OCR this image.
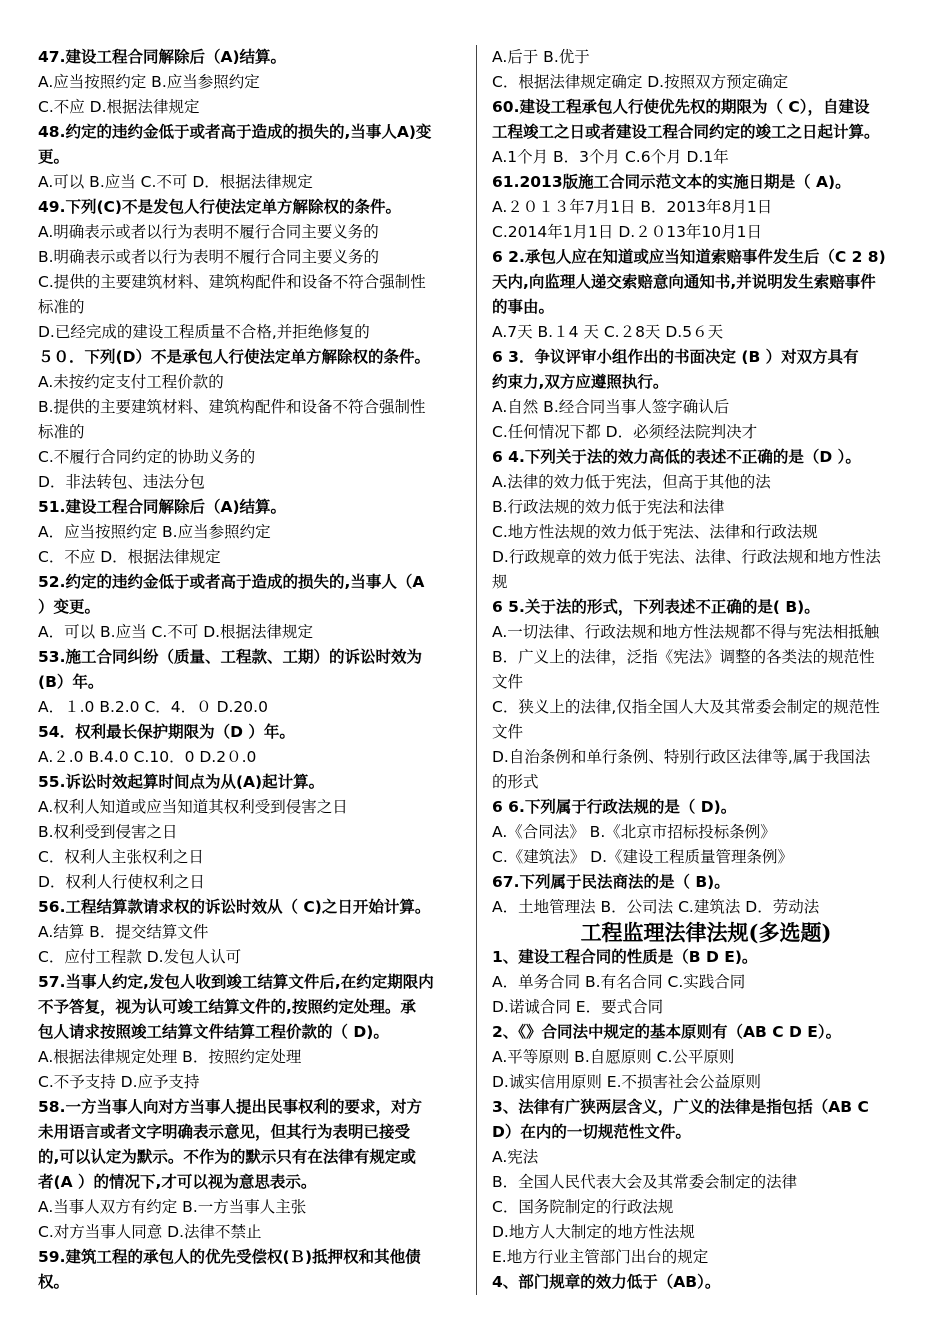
47.建设工程合同解除后（A)结算。
A.应当按照约定 B.应当参照约定
C.不应 D.根据法律规定
48.约定的违约金低于或者高于造成的损失的,当事人A)变
更。
A.可以 B.应当 C.不可 D．根据法律规定
49.下列(C)不是发包人行使法定单方解除权的条件。
A.明确表示或者以行为表明不履行合同主要义务的
B.明确表示或者以行为表明不履行合同主要义务的
C.提供的主要建筑材料、建筑构配件和设备不符合强制性
标准的
D.已经完成的建设工程质量不合格,并拒绝修复的
５０．下列(D）不是承包人行使法定单方解除权的条件。
A.未按约定支付工程价款的
B.提供的主要建筑材料、建筑构配件和设备不符合强制性
标准的
C.不履行合同约定的协助义务的
D．非法转包、违法分包
51.建设工程合同解除后（A)结算。
A．应当按照约定 B.应当参照约定
C．不应 D．根据法律规定
52.约定的违约金低于或者高于造成的损失的,当事人（A
）变更。
A．可以 B.应当 C.不可 D.根据法律规定
53.施工合同纠纷（质量、工程款、工期）的诉讼时效为
(B）年。
A．１.0 B.2.0 C．4．０ D.20.0
54．权利最长保护期限为（D ）年。
A.２.0 B.4.0 C.10．0 D.2０.0
55.诉讼时效起算时间点为从(A)起计算。
A.权利人知道或应当知道其权利受到侵害之日
B.权利受到侵害之日
C．权利人主张权利之日
D．权利人行使权利之日
56.工程结算款请求权的诉讼时效从（ C)之日开始计算。
A.结算 B．提交结算文件
C．应付工程款 D.发包人认可
57.当事人约定,发包人收到竣工结算文件后,在约定期限内
不予答复，视为认可竣工结算文件的,按照约定处理。承
包人请求按照竣工结算文件结算工程价款的（ D)。
A.根据法律规定处理 B．按照约定处理
C.不予支持 D.应予支持
58.一方当事人向对方当事人提出民事权利的要求，对方
未用语言或者文字明确表示意见，但其行为表明已接受
的,可以认定为默示。不作为的默示只有在法律有规定或
者(A ）的情况下,才可以视为意思表示。
A.当事人双方有约定 B.一方当事人主张
C.对方当事人同意 D.法律不禁止
59.建筑工程的承包人的优先受偿权(Ｂ)抵押权和其他债
权。
A.后于 B.优于
C．根据法律规定确定 D.按照双方预定确定
60.建设工程承包人行使优先权的期限为（ C），自建设
工程竣工之日或者建设工程合同约定的竣工之日起计算。
A.1个月 B．3个月 C.6个月 D.1年
61.2013版施工合同示范文本的实施日期是（ A)。
A.２０１３年7月1日 B．2013年8月1日
C.2014年1月1日 D.２０13年10月1日
6 2.承包人应在知道或应当知道索赔事件发生后（C 2 8)
天内,向监理人递交索赔意向通知书,并说明发生索赔事件
的事由。
A.7天 B.１4 天 C.２8天 D.5６天
6 3．争议评审小组作出的书面决定 (B ）对双方具有
约束力,双方应遵照执行。
A.自然 B.经合同当事人签字确认后
C.任何情况下都 D．必须经法院判决才
6 4.下列关于法的效力高低的表述不正确的是（D ）。
A.法律的效力低于宪法，但高于其他的法
B.行政法规的效力低于宪法和法律
C.地方性法规的效力低于宪法、法律和行政法规
D.行政规章的效力低于宪法、法律、行政法规和地方性法
规
6 5.关于法的形式，下列表述不正确的是( B)。
A.一切法律、行政法规和地方性法规都不得与宪法相抵触
B．广义上的法律，泛指《宪法》调整的各类法的规范性
文件
C．狭义上的法律,仅指全国人大及其常委会制定的规范性
文件
D.自治条例和单行条例、特别行政区法律等,属于我国法
的形式
6 6.下列属于行政法规的是（ D)。
A.《合同法》 B.《北京市招标投标条例》
C.《建筑法》 D.《建设工程质量管理条例》
67.下列属于民法商法的是（ B)。
A．土地管理法 B．公司法 C.建筑法 D．劳动法
工程监理法律法规(多选题)
1、建设工程合同的性质是（B D E)。
A．单务合同 B.有名合同 C.实践合同
D.诺诚合同 E．要式合同
2、《》合同法中规定的基本原则有（AB C D E）。
A.平等原则 B.自愿原则 C.公平原则
D.诚实信用原则 E.不损害社会公益原则
3、法律有广狭两层含义，广义的法律是指包括（AB C
D）在内的一切规范性文件。
A.宪法
B．全国人民代表大会及其常委会制定的法律
C．国务院制定的行政法规
D.地方人大制定的地方性法规
E.地方行业主管部门出台的规定
4、部门规章的效力低于（AB）。
